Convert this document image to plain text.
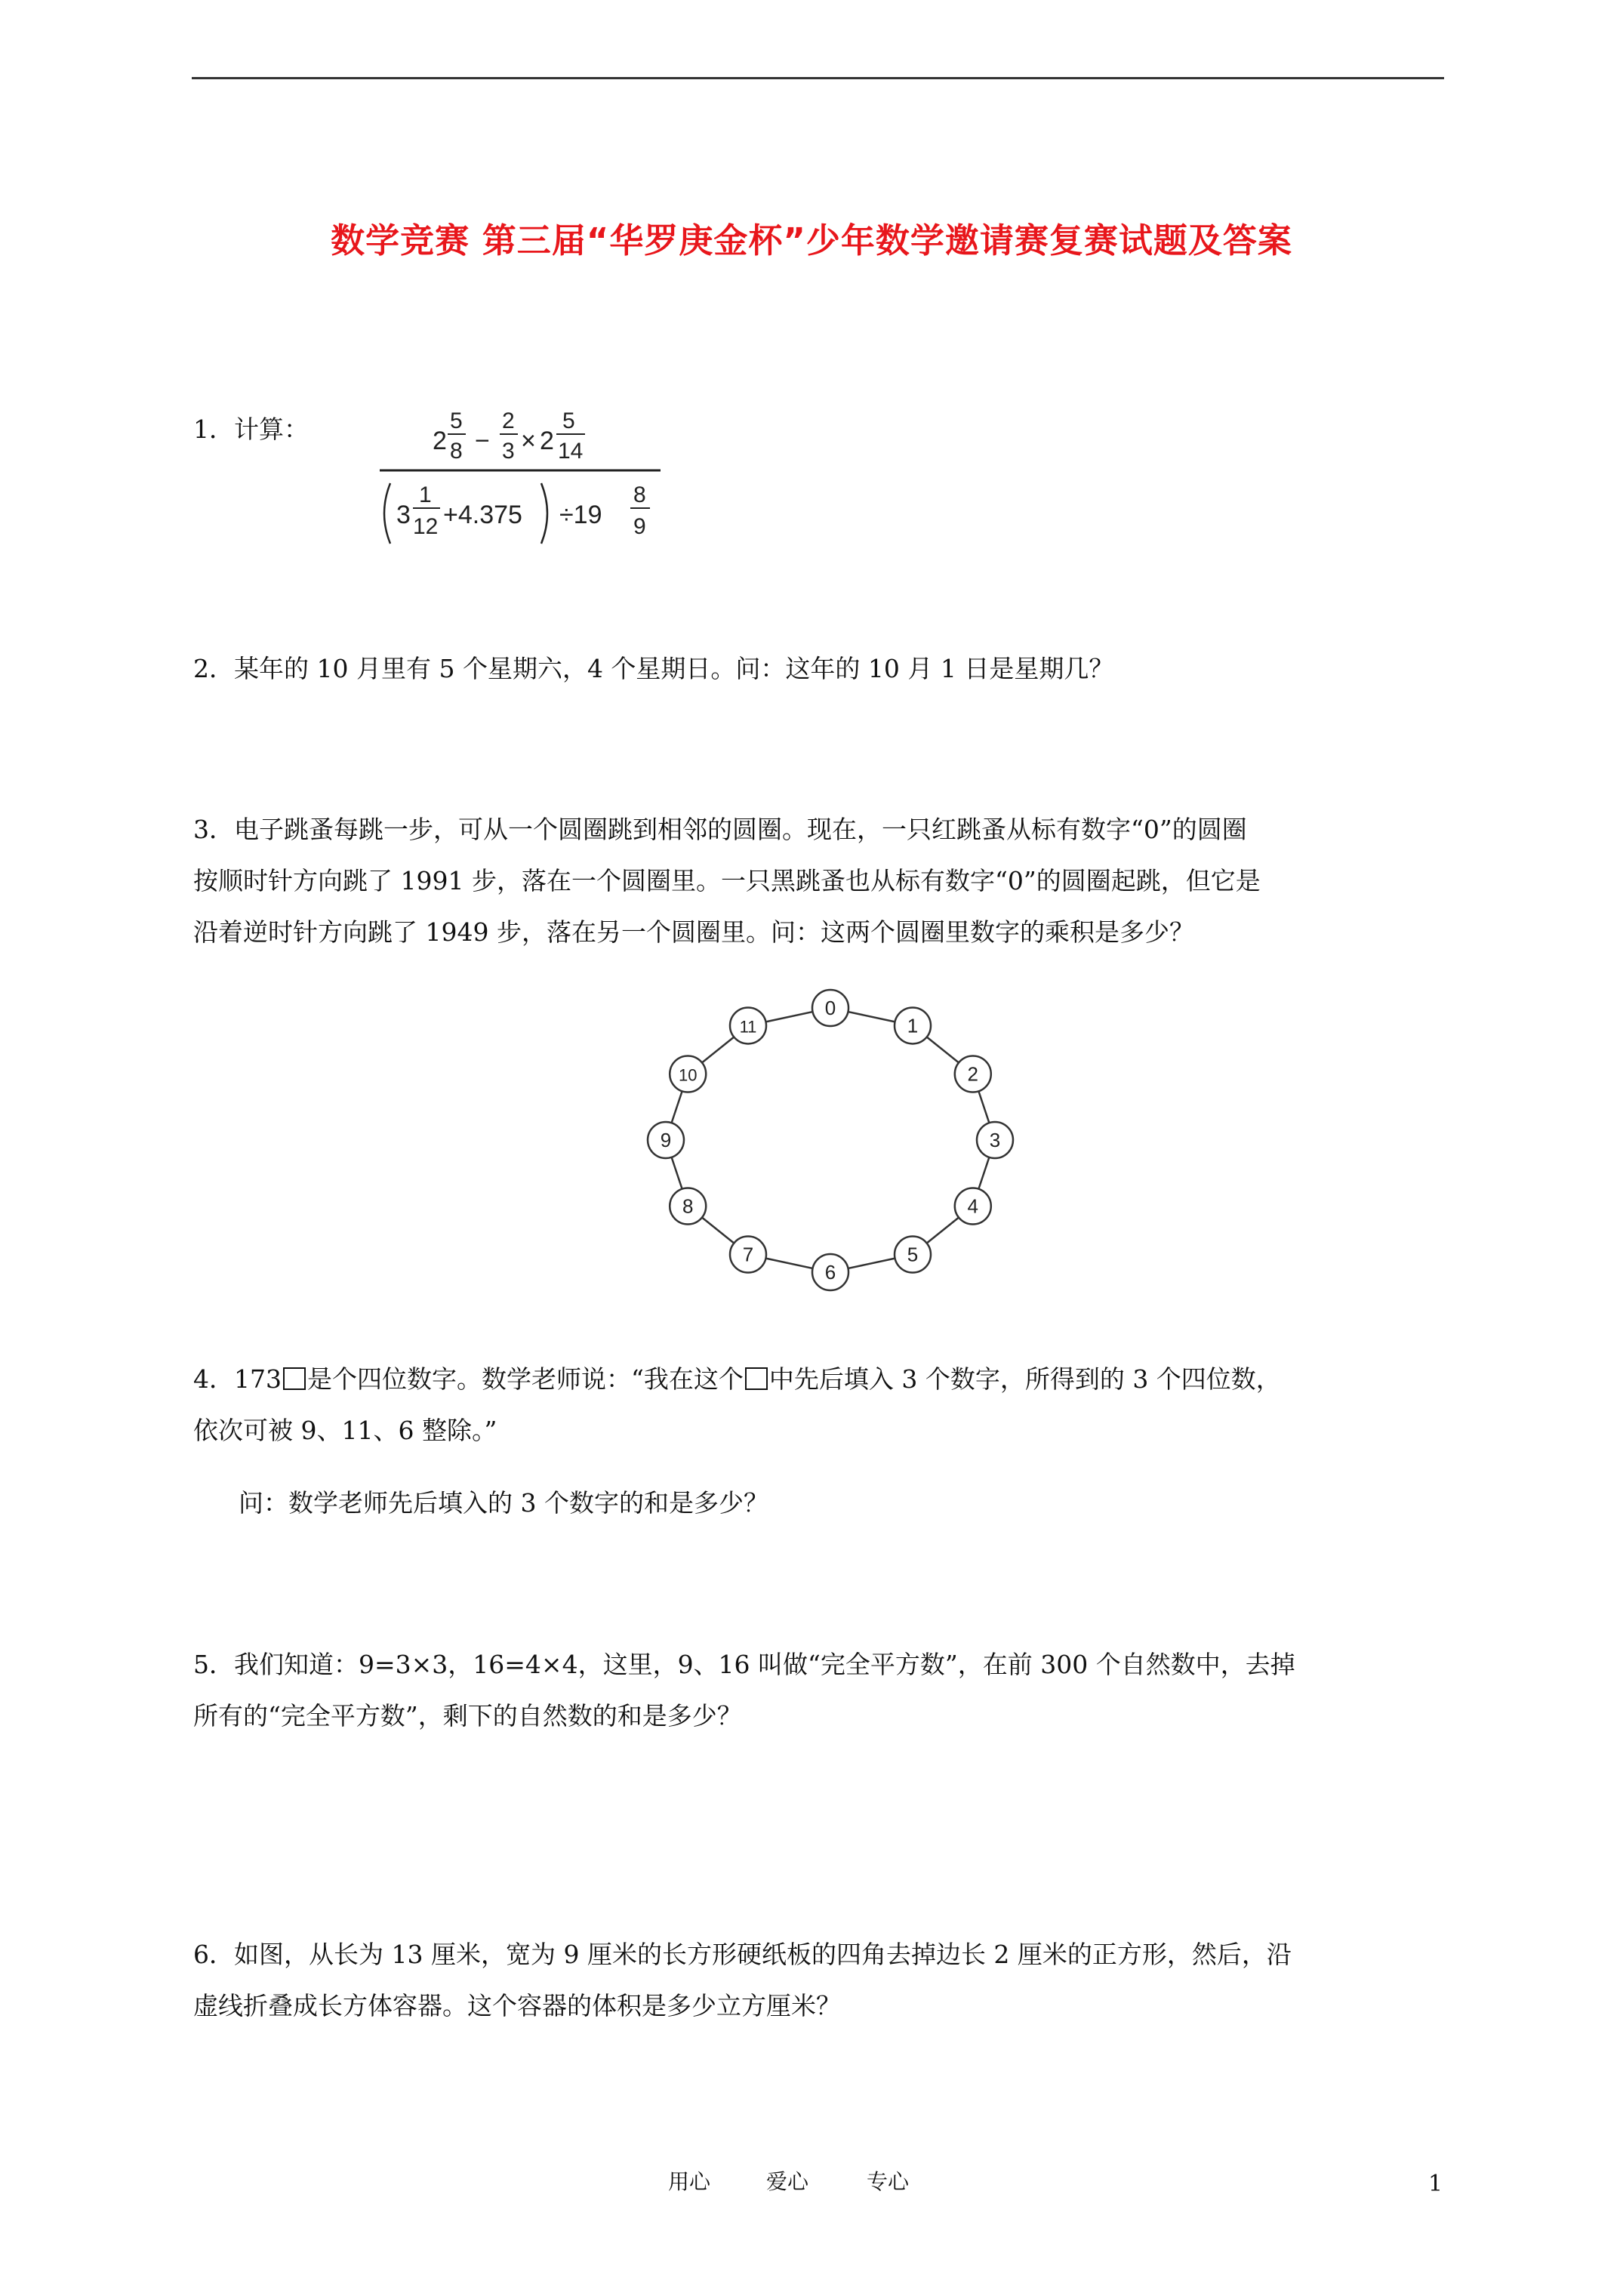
数学竞赛 第三届“华罗庚金杯”少年数学邀请赛复赛试题及答案

1．计算：	2
5
8 −
2
3 × 2
5
14
3
1
12 +4.375 ÷19
8
9

2．某年的 10 月里有 5 个星期六，4 个星期日。问：这年的 10 月 1 日是星期几？

3．电子跳蚤每跳一步，可从一个圆圈跳到相邻的圆圈。现在，一只红跳蚤从标有数字“0”的圆圈

按顺时针方向跳了 1991 步，落在一个圆圈里。一只黑跳蚤也从标有数字“0”的圆圈起跳，但它是

沿着逆时针方向跳了 1949 步，落在另一个圆圈里。问：这两个圆圈里数字的乘积是多少？

0
1
2
3
4
5
6
7
8
9
10
11

4．173 是个四位数字。数学老师说：“我在这个 中先后填入 3 个数字，所得到的 3 个四位数，

依次可被 9、11、6 整除。”

问：数学老师先后填入的 3 个数字的和是多少？

5．我们知道：9=3×3，16=4×4，这里，9、16 叫做“完全平方数”，在前 300 个自然数中，去掉

所有的“完全平方数”，剩下的自然数的和是多少？

6．如图，从长为 13 厘米，宽为 9 厘米的长方形硬纸板的四角去掉边长 2 厘米的正方形，然后，沿

虚线折叠成长方体容器。这个容器的体积是多少立方厘米？

用心	爱心	专心	1
